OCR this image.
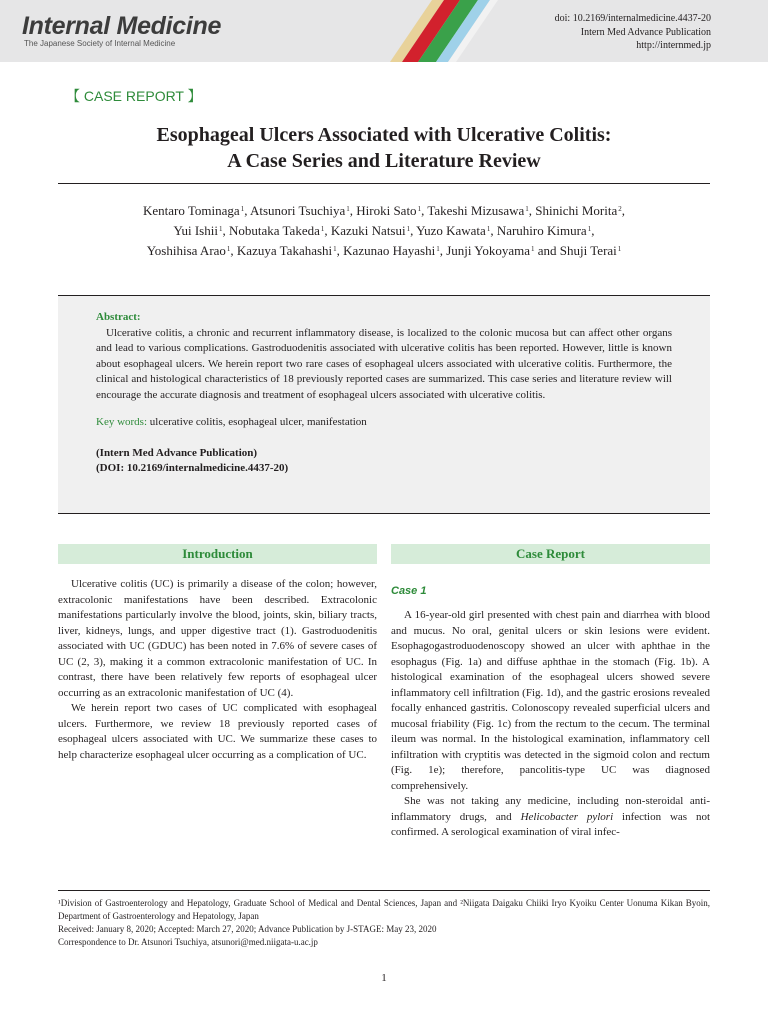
Internal Medicine
The Japanese Society of Internal Medicine
doi: 10.2169/internalmedicine.4437-20
Intern Med Advance Publication
http://internmed.jp
【 CASE REPORT 】
Esophageal Ulcers Associated with Ulcerative Colitis:
A Case Series and Literature Review
Kentaro Tominaga$^1$, Atsunori Tsuchiya$^1$, Hiroki Sato$^1$, Takeshi Mizusawa$^1$, Shinichi Morita$^2$,
Yui Ishii$^1$, Nobutaka Takeda$^1$, Kazuki Natsui$^1$, Yuzo Kawata$^1$, Naruhiro Kimura$^1$,
Yoshihisa Arao$^1$, Kazuya Takahashi$^1$, Kazunao Hayashi$^1$, Junji Yokoyama$^1$ and Shuji Terai$^1$
Abstract:

Ulcerative colitis, a chronic and recurrent inflammatory disease, is localized to the colonic mucosa but can affect other organs and lead to various complications. Gastroduodenitis associated with ulcerative colitis has been reported. However, little is known about esophageal ulcers. We herein report two rare cases of esophageal ulcers associated with ulcerative colitis. Furthermore, the clinical and histological characteristics of 18 previously reported cases are summarized. This case series and literature review will encourage the accurate diagnosis and treatment of esophageal ulcers associated with ulcerative colitis.

Key words: ulcerative colitis, esophageal ulcer, manifestation
(Intern Med Advance Publication)
(DOI: 10.2169/internalmedicine.4437-20)
Introduction

Ulcerative colitis (UC) is primarily a disease of the colon; however, extracolonic manifestations have been described. Extracolonic manifestations particularly involve the blood, joints, skin, biliary tracts, liver, kidneys, lungs, and upper digestive tract (1). Gastroduodenitis associated with UC (GDUC) has been noted in 7.6% of severe cases of UC (2, 3), making it a common extracolonic manifestation of UC. In contrast, there have been relatively few reports of esophageal ulcer occurring as an extracolonic manifestation of UC (4).

We herein report two cases of UC complicated with esophageal ulcers. Furthermore, we review 18 previously reported cases of esophageal ulcers associated with UC. We summarize these cases to help characterize esophageal ulcer occurring as a complication of UC.

Case Report
Case 1

A 16-year-old girl presented with chest pain and diarrhea with blood and mucus. No oral, genital ulcers or skin lesions were evident. Esophagogastroduodenoscopy showed an ulcer with aphthae in the esophagus (Fig. 1a) and diffuse aphthae in the stomach (Fig. 1b). A histological examination of the esophageal ulcers showed severe inflammatory cell infiltration (Fig. 1d), and the gastric erosions revealed focally enhanced gastritis. Colonoscopy revealed superficial ulcers and mucosal friability (Fig. 1c) from the rectum to the cecum. The terminal ileum was normal. In the histological examination, inflammatory cell infiltration with cryptitis was detected in the sigmoid colon and rectum (Fig. 1e); therefore, pancolitis-type UC was diagnosed comprehensively.

She was not taking any medicine, including non-steroidal anti-inflammatory drugs, and Helicobacter pylori infection was not confirmed. A serological examination of viral infec-

¹Division of Gastroenterology and Hepatology, Graduate School of Medical and Dental Sciences, Japan and ²Niigata Daigaku Chiiki Iryo Kyoiku Center Uonuma Kikan Byoin, Department of Gastroenterology and Hepatology, Japan

Received: January 8, 2020; Accepted: March 27, 2020; Advance Publication by J-STAGE: May 23, 2020

Correspondence to Dr. Atsunori Tsuchiya, atsunori@med.niigata-u.ac.jp

1
